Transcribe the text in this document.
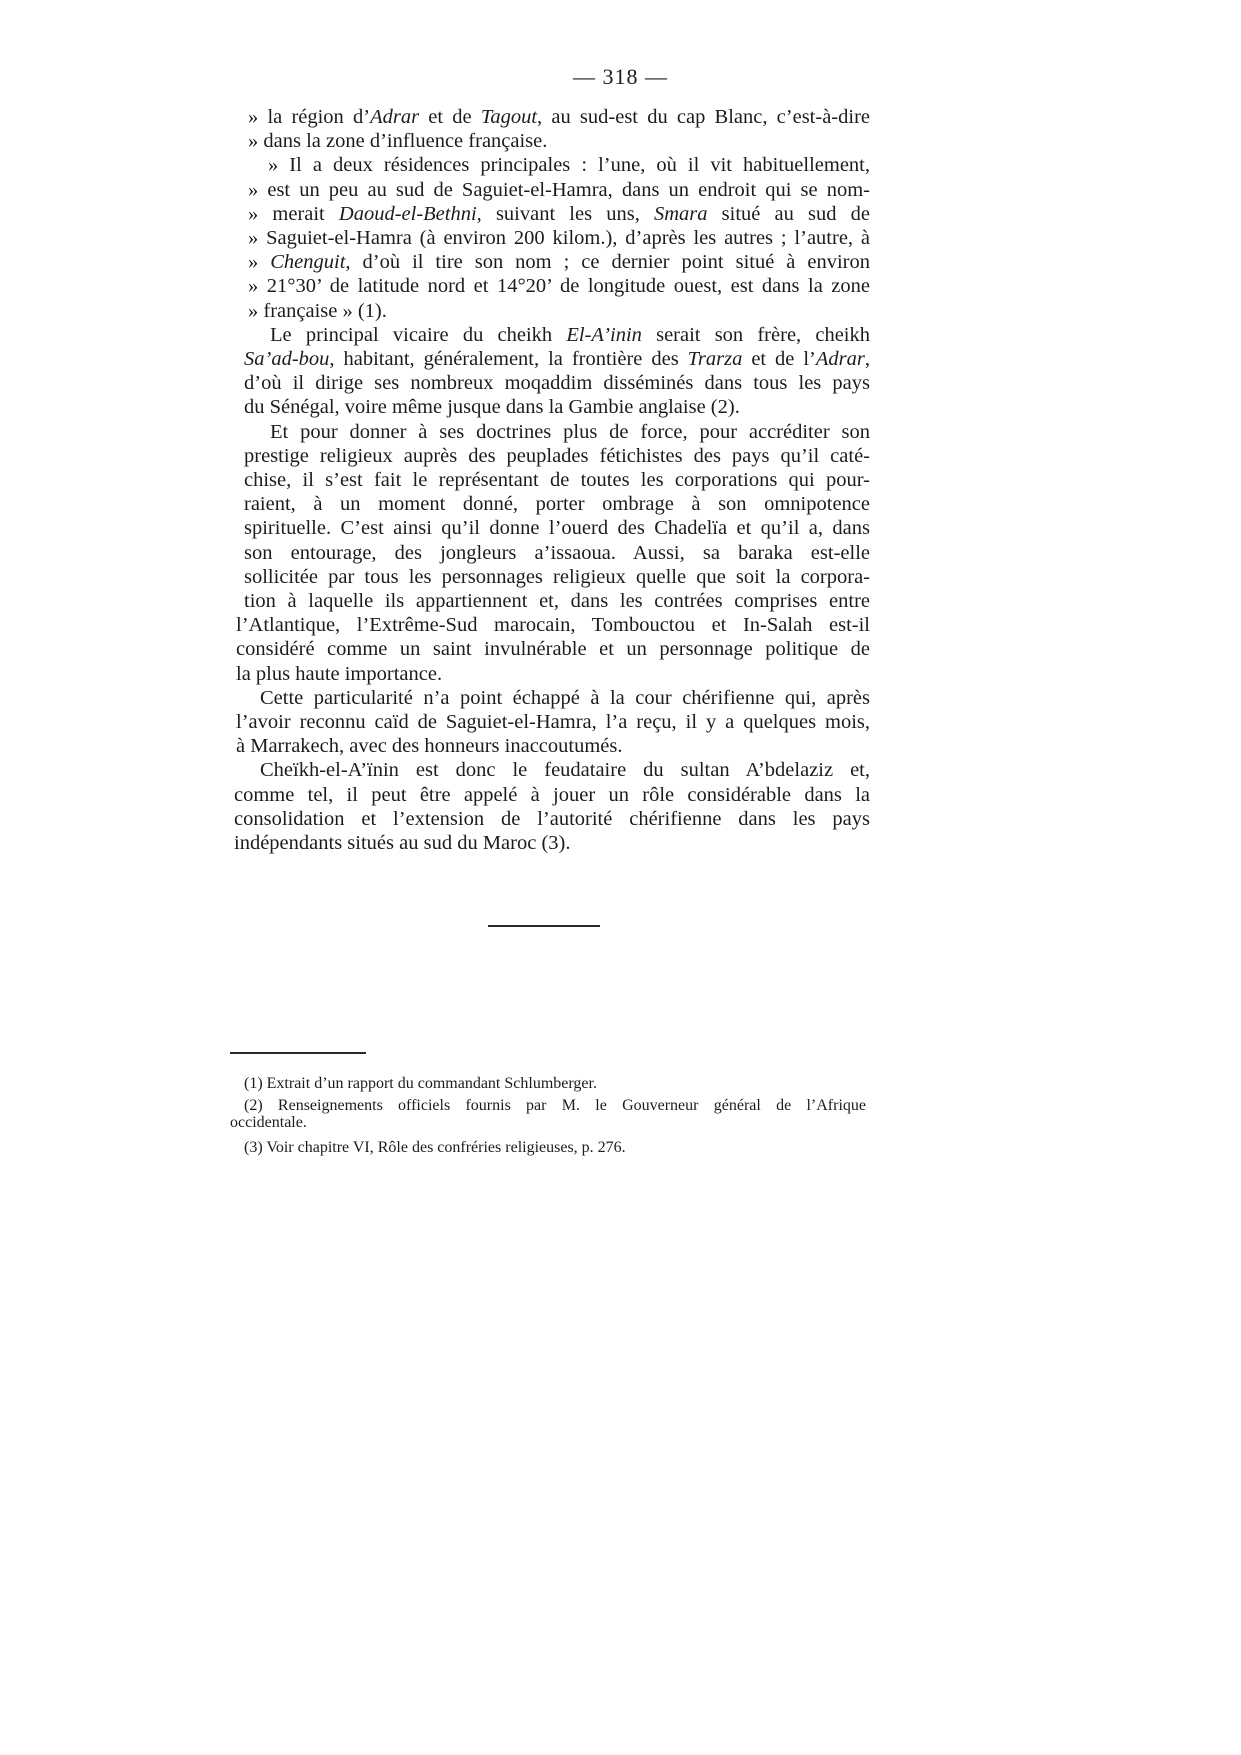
— 318 —
» la région d’Adrar et de Tagout, au sud-est du cap Blanc, c’est-à-dire
» dans la zone d’influence française.
» Il a deux résidences principales : l’une, où il vit habituellement,
» est un peu au sud de Saguiet-el-Hamra, dans un endroit qui se nom-
» merait Daoud-el-Bethni, suivant les uns, Smara situé au sud de
» Saguiet-el-Hamra (à environ 200 kilom.), d’après les autres ; l’autre, à
» Chenguit, d’où il tire son nom ; ce dernier point situé à environ
» 21°30’ de latitude nord et 14°20’ de longitude ouest, est dans la zone
» française » (1).
Le principal vicaire du cheikh El-A’inin serait son frère, cheikh
Sa’ad-bou, habitant, généralement, la frontière des Trarza et de l’Adrar,
d’où il dirige ses nombreux moqaddim disséminés dans tous les pays
du Sénégal, voire même jusque dans la Gambie anglaise (2).
Et pour donner à ses doctrines plus de force, pour accréditer son
prestige religieux auprès des peuplades fétichistes des pays qu’il caté-
chise, il s’est fait le représentant de toutes les corporations qui pour-
raient, à un moment donné, porter ombrage à son omnipotence
spirituelle. C’est ainsi qu’il donne l’ouerd des Chadelïa et qu’il a, dans
son entourage, des jongleurs a’issaoua. Aussi, sa baraka est-elle
sollicitée par tous les personnages religieux quelle que soit la corpora-
tion à laquelle ils appartiennent et, dans les contrées comprises entre
l’Atlantique, l’Extrême-Sud marocain, Tombouctou et In-Salah est-il
considéré comme un saint invulnérable et un personnage politique de
la plus haute importance.
Cette particularité n’a point échappé à la cour chérifienne qui, après
l’avoir reconnu caïd de Saguiet-el-Hamra, l’a reçu, il y a quelques mois,
à Marrakech, avec des honneurs inaccoutumés.
Cheïkh-el-A’ïnin est donc le feudataire du sultan A’bdelaziz et,
comme tel, il peut être appelé à jouer un rôle considérable dans la
consolidation et l’extension de l’autorité chérifienne dans les pays
indépendants situés au sud du Maroc (3).
(1) Extrait d’un rapport du commandant Schlumberger.
(2) Renseignements officiels fournis par M. le Gouverneur général de l’Afrique
occidentale.
(3) Voir chapitre VI, Rôle des confréries religieuses, p. 276.
